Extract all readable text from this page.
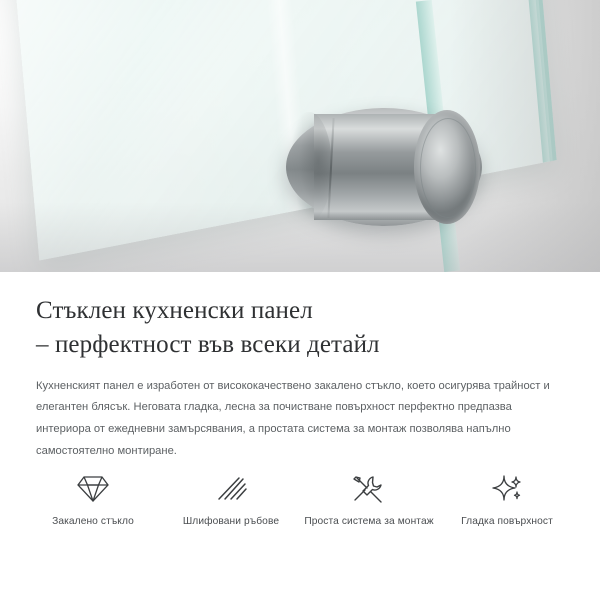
Стъклен кухненски панел
– перфектност във всеки детайл

Кухненският панел е изработен от висококачествено закалено стъкло, което осигурява трайност и елегантен блясък. Неговата гладка, лесна за почистване повърхност перфектно предпазва интериора от ежедневни замърсявания, а простата система за монтаж позволява напълно самостоятелно монтиране.

Закалено стъкло	Шлифовани ръбове	Проста система за монтаж	Гладка повърхност
